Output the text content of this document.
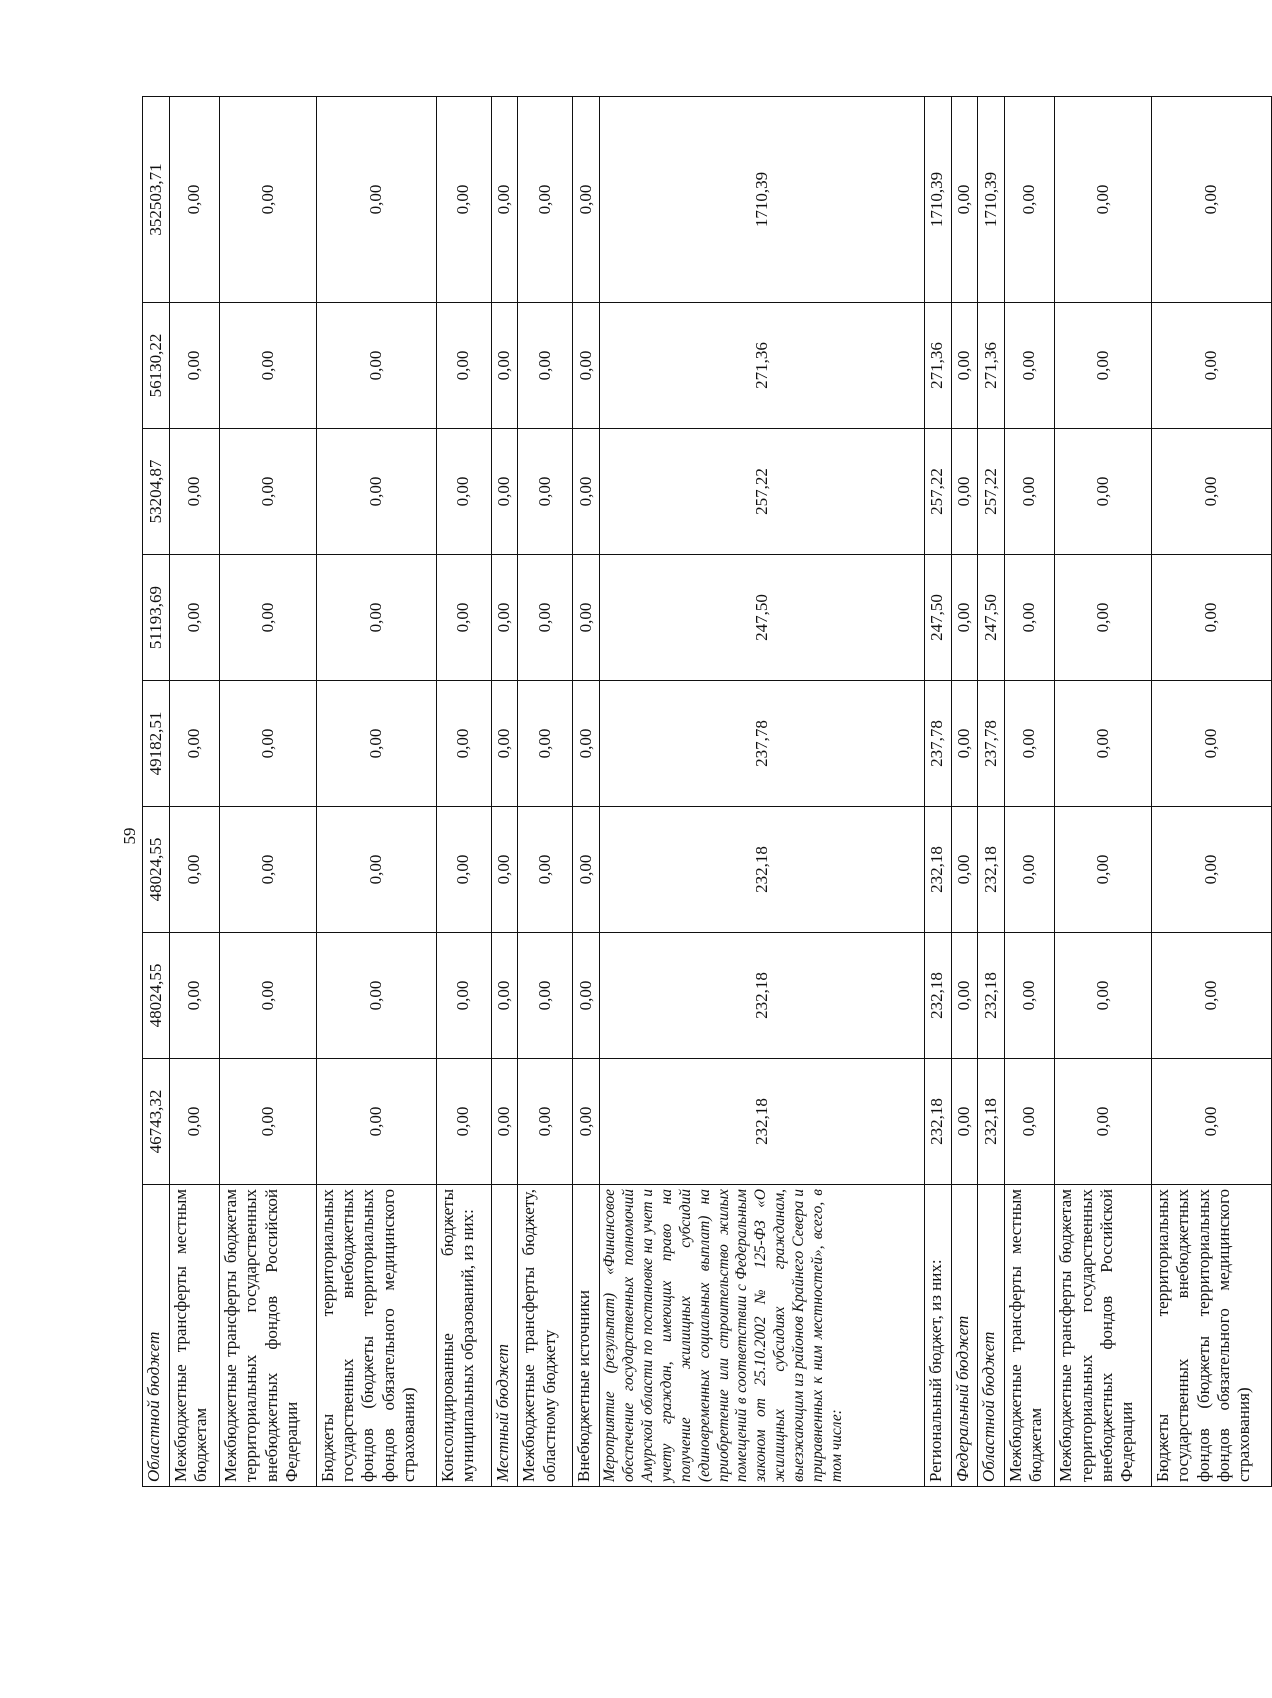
59
Областной бюджет	46743,32	48024,55	48024,55	49182,51	51193,69	53204,87	56130,22	352503,71
Межбюджетные трансферты местным бюджетам	0,00	0,00	0,00	0,00	0,00	0,00	0,00	0,00
Межбюджетные трансферты бюджетам территориальных государственных внебюджетных фондов Российской Федерации	0,00	0,00	0,00	0,00	0,00	0,00	0,00	0,00
Бюджеты территориальных государственных внебюджетных фондов (бюджеты территориальных фондов обязательного медицинского страхования)	0,00	0,00	0,00	0,00	0,00	0,00	0,00	0,00
Консолидированные бюджеты муниципальных образований, из них:	0,00	0,00	0,00	0,00	0,00	0,00	0,00	0,00
Местный бюджет	0,00	0,00	0,00	0,00	0,00	0,00	0,00	0,00
Межбюджетные трансферты бюджету, областному бюджету	0,00	0,00	0,00	0,00	0,00	0,00	0,00	0,00
Внебюджетные источники	0,00	0,00	0,00	0,00	0,00	0,00	0,00	0,00
Мероприятие (результат) «Финансовое обеспечение государственных полномочий Амурской области по постановке на учет и учету граждан, имеющих право на получение жилищных субсидий (единовременных социальных выплат) на приобретение или строительство жилых помещений в соответствии с Федеральным законом от 25.10.2002 № 125-ФЗ «О жилищных субсидиях гражданам, выезжающим из районов Крайнего Севера и приравненных к ним местностей», всего, в том числе:	232,18	232,18	232,18	237,78	247,50	257,22	271,36	1710,39
Региональный бюджет, из них:	232,18	232,18	232,18	237,78	247,50	257,22	271,36	1710,39
Федеральный бюджет	0,00	0,00	0,00	0,00	0,00	0,00	0,00	0,00
Областной бюджет	232,18	232,18	232,18	237,78	247,50	257,22	271,36	1710,39
Межбюджетные трансферты местным бюджетам	0,00	0,00	0,00	0,00	0,00	0,00	0,00	0,00
Межбюджетные трансферты бюджетам территориальных государственных внебюджетных фондов Российской Федерации	0,00	0,00	0,00	0,00	0,00	0,00	0,00	0,00
Бюджеты территориальных государственных внебюджетных фондов (бюджеты территориальных фондов обязательного медицинского страхования)	0,00	0,00	0,00	0,00	0,00	0,00	0,00	0,00
